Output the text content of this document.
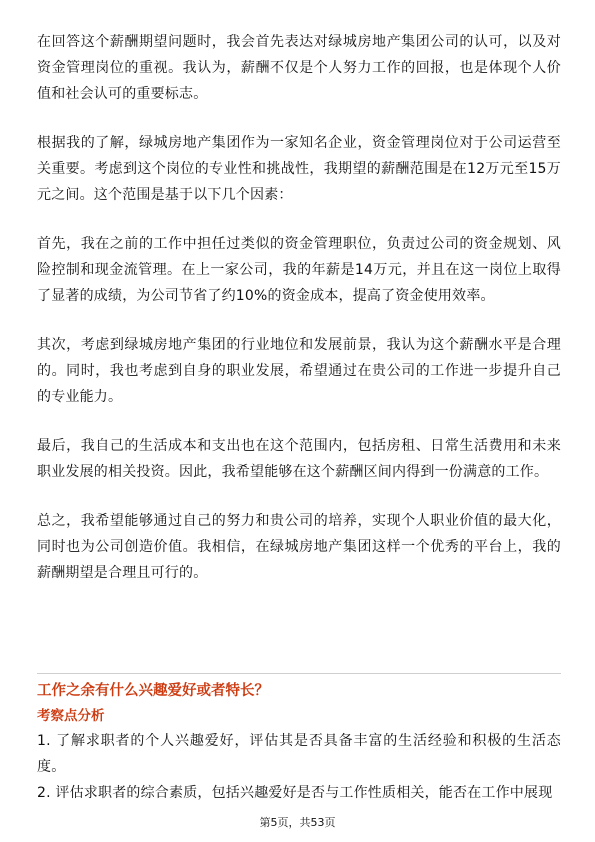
在回答这个薪酬期望问题时，我会首先表达对绿城房地产集团公司的认可，以及对资金管理岗位的重视。我认为，薪酬不仅是个人努力工作的回报，也是体现个人价值和社会认可的重要标志。

根据我的了解，绿城房地产集团作为一家知名企业，资金管理岗位对于公司运营至关重要。考虑到这个岗位的专业性和挑战性，我期望的薪酬范围是在12万元至15万元之间。这个范围是基于以下几个因素：

首先，我在之前的工作中担任过类似的资金管理职位，负责过公司的资金规划、风险控制和现金流管理。在上一家公司，我的年薪是14万元，并且在这一岗位上取得了显著的成绩，为公司节省了约10%的资金成本，提高了资金使用效率。

其次，考虑到绿城房地产集团的行业地位和发展前景，我认为这个薪酬水平是合理的。同时，我也考虑到自身的职业发展，希望通过在贵公司的工作进一步提升自己的专业能力。

最后，我自己的生活成本和支出也在这个范围内，包括房租、日常生活费用和未来职业发展的相关投资。因此，我希望能够在这个薪酬区间内得到一份满意的工作。

总之，我希望能够通过自己的努力和贵公司的培养，实现个人职业价值的最大化，同时也为公司创造价值。我相信，在绿城房地产集团这样一个优秀的平台上，我的薪酬期望是合理且可行的。

工作之余有什么兴趣爱好或者特长？

考察点分析

1. 了解求职者的个人兴趣爱好，评估其是否具备丰富的生活经验和积极的生活态度。

2. 评估求职者的综合素质，包括兴趣爱好是否与工作性质相关，能否在工作中展现

第5页，共53页
